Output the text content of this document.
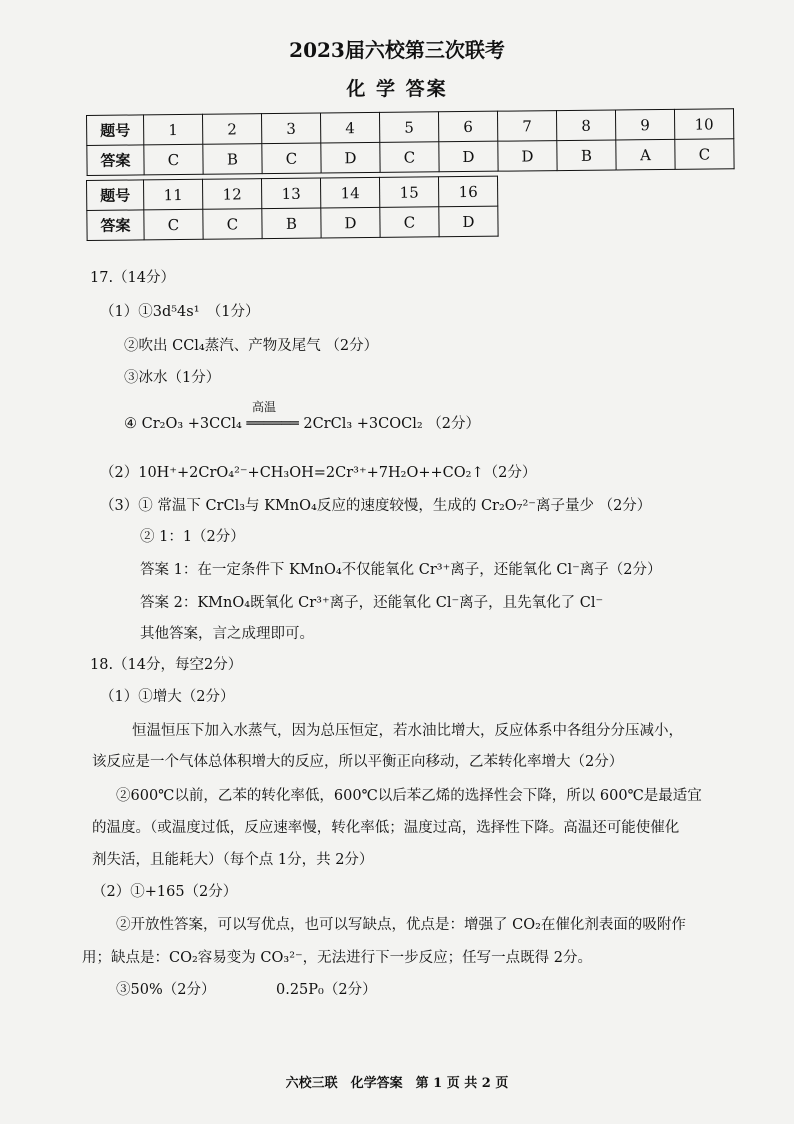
2023届六校第三次联考
化 学 答案
题号	1	2	3	4	5	6	7	8	9	10
答案	C	B	C	D	C	D	D	B	A	C
题号	11	12	13	14	15	16
答案	C	C	B	D	C	D
17.（14分）
（1）①3d⁵4s¹　（1分）
②吹出 CCl₄蒸汽、产物及尾气 （2分）
③冰水（1分）
高温
④ Cr₂O₃ +3CCl₄ ══════ 2CrCl₃ +3COCl₂ （2分）
（2）10H⁺+2CrO₄²⁻+CH₃OH=2Cr³⁺+7H₂O++CO₂↑（2分）
（3）① 常温下 CrCl₃与 KMnO₄反应的速度较慢，生成的 Cr₂O₇²⁻离子量少 （2分）
② 1：1（2分）
答案 1：在一定条件下 KMnO₄不仅能氧化 Cr³⁺离子，还能氧化 Cl⁻离子（2分）
答案 2：KMnO₄既氧化 Cr³⁺离子，还能氧化 Cl⁻离子，且先氧化了 Cl⁻
其他答案，言之成理即可。
18.（14分，每空2分）
（1）①增大（2分）
恒温恒压下加入水蒸气，因为总压恒定，若水油比增大，反应体系中各组分分压减小，
该反应是一个气体总体积增大的反应，所以平衡正向移动，乙苯转化率增大（2分）
②600℃以前，乙苯的转化率低，600℃以后苯乙烯的选择性会下降，所以 600℃是最适宜
的温度。（或温度过低，反应速率慢，转化率低；温度过高，选择性下降。高温还可能使催化
剂失活，且能耗大）（每个点 1分，共 2分）
（2）①+165（2分）
②开放性答案，可以写优点，也可以写缺点，优点是：增强了 CO₂在催化剂表面的吸附作
用；缺点是：CO₂容易变为 CO₃²⁻，无法进行下一步反应；任写一点既得 2分。
③50%（2分）	0.25P₀（2分）
六校三联　化学答案　第 1 页 共 2 页
